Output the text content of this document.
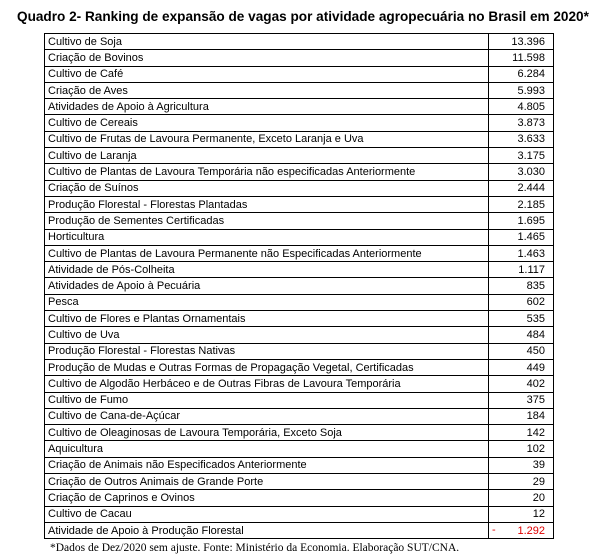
Quadro 2- Ranking de expansão de vagas por atividade agropecuária no Brasil em 2020*
Cultivo de Soja	13.396
Criação de Bovinos	11.598
Cultivo de Café	6.284
Criação de Aves	5.993
Atividades de Apoio à Agricultura	4.805
Cultivo de Cereais	3.873
Cultivo de Frutas de Lavoura Permanente, Exceto Laranja e Uva	3.633
Cultivo de Laranja	3.175
Cultivo de Plantas de Lavoura Temporária não especificadas Anteriormente	3.030
Criação de Suínos	2.444
Produção Florestal - Florestas Plantadas	2.185
Produção de Sementes Certificadas	1.695
Horticultura	1.465
Cultivo de Plantas de Lavoura Permanente não Especificadas Anteriormente	1.463
Atividade de Pós-Colheita	1.117
Atividades de Apoio à Pecuária	835
Pesca	602
Cultivo de Flores e Plantas Ornamentais	535
Cultivo de Uva	484
Produção Florestal - Florestas Nativas	450
Produção de Mudas e Outras Formas de Propagação Vegetal, Certificadas	449
Cultivo de Algodão Herbáceo e de Outras Fibras de Lavoura Temporária	402
Cultivo de Fumo	375
Cultivo de Cana-de-Açúcar	184
Cultivo de Oleaginosas de Lavoura Temporária, Exceto Soja	142
Aquicultura	102
Criação de Animais não Especificados Anteriormente	39
Criação de Outros Animais de Grande Porte	29
Criação de Caprinos e Ovinos	20
Cultivo de Cacau	12
Atividade de Apoio à Produção Florestal	- 1.292
*Dados de Dez/2020 sem ajuste. Fonte: Ministério da Economia. Elaboração SUT/CNA.
